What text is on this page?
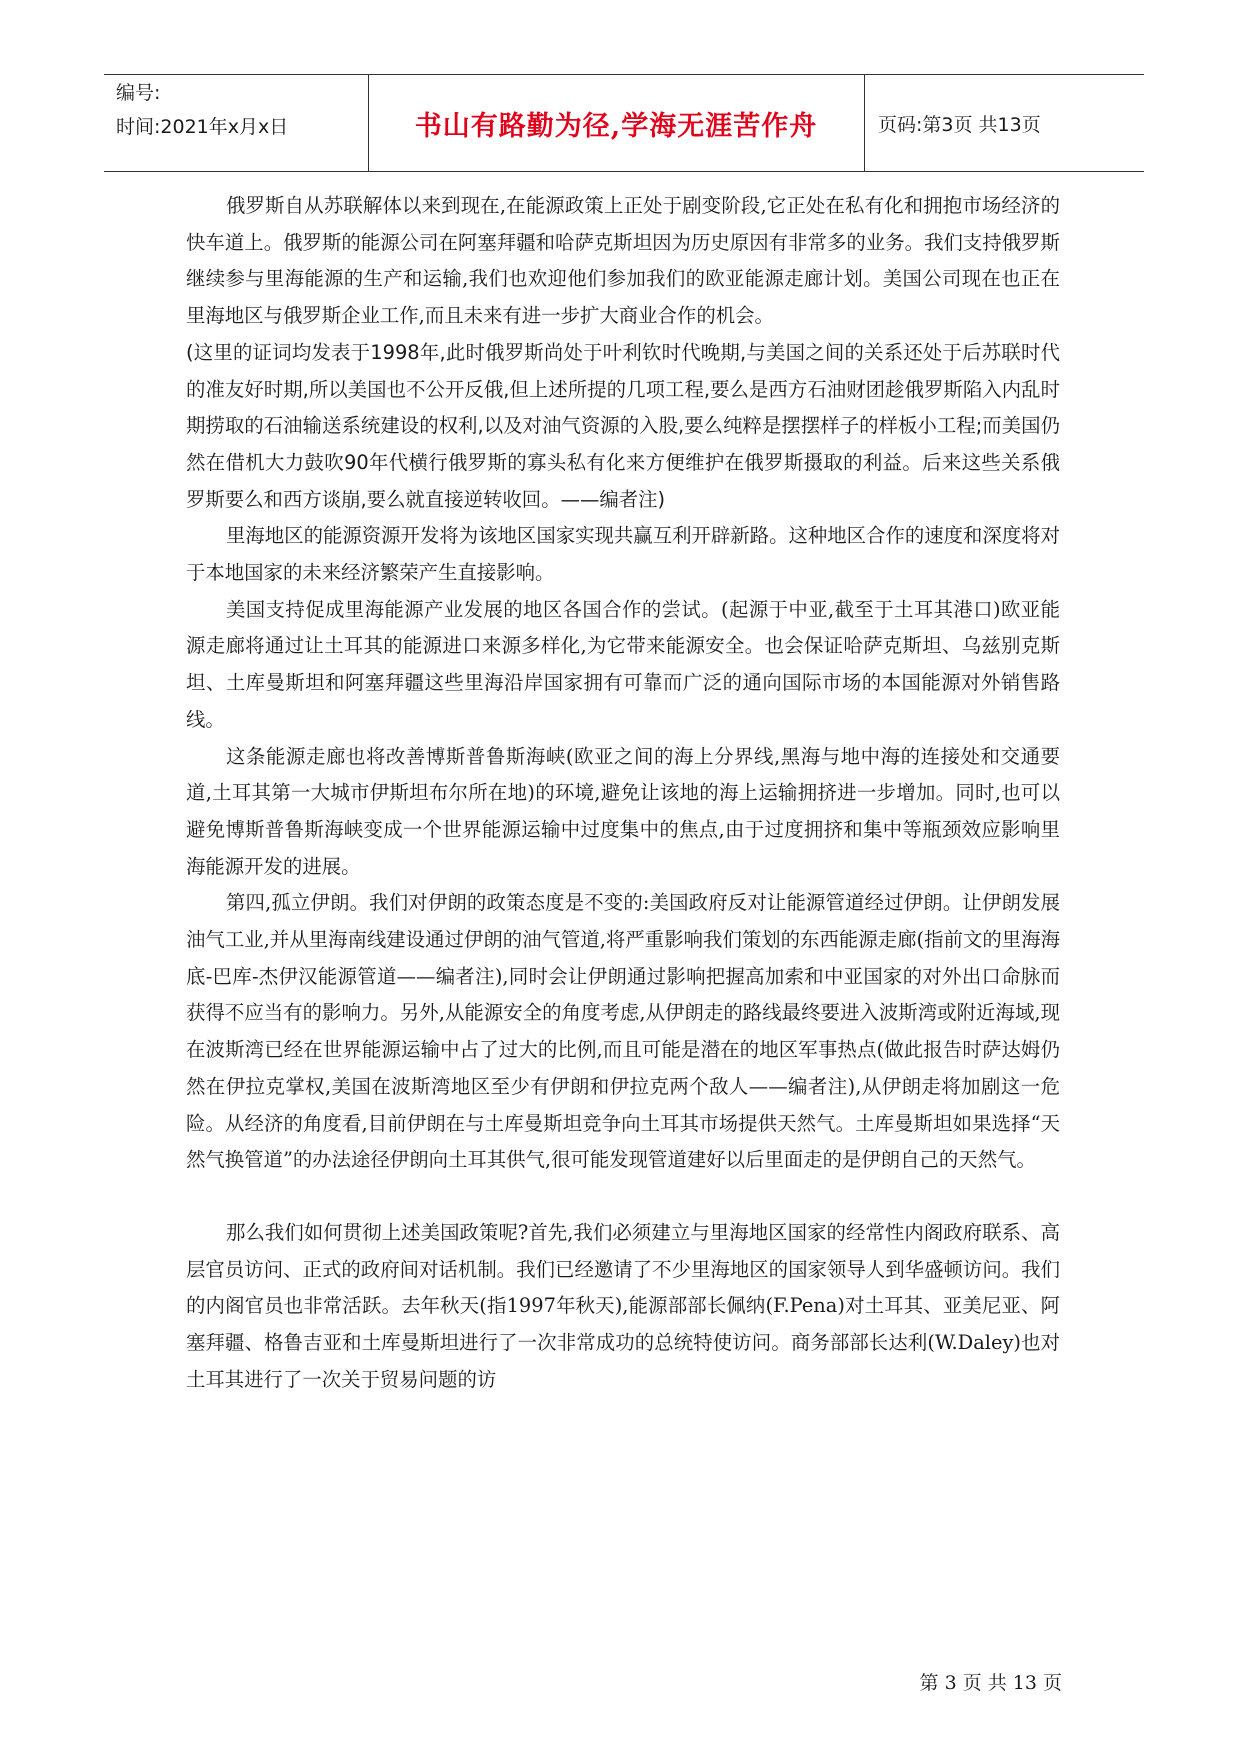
编号:
时间:2021年x月x日	书山有路勤为径,学海无涯苦作舟	页码:第3页 共13页

俄罗斯自从苏联解体以来到现在,在能源政策上正处于剧变阶段,它正处在私有化和拥抱市场经济的快车道上。俄罗斯的能源公司在阿塞拜疆和哈萨克斯坦因为历史原因有非常多的业务。我们支持俄罗斯继续参与里海能源的生产和运输,我们也欢迎他们参加我们的欧亚能源走廊计划。美国公司现在也正在里海地区与俄罗斯企业工作,而且未来有进一步扩大商业合作的机会。

(这里的证词均发表于1998年,此时俄罗斯尚处于叶利钦时代晚期,与美国之间的关系还处于后苏联时代的准友好时期,所以美国也不公开反俄,但上述所提的几项工程,要么是西方石油财团趁俄罗斯陷入内乱时期捞取的石油输送系统建设的权利,以及对油气资源的入股,要么纯粹是摆摆样子的样板小工程;而美国仍然在借机大力鼓吹90年代横行俄罗斯的寡头私有化来方便维护在俄罗斯摄取的利益。后来这些关系俄罗斯要么和西方谈崩,要么就直接逆转收回。——编者注)

里海地区的能源资源开发将为该地区国家实现共赢互利开辟新路。这种地区合作的速度和深度将对于本地国家的未来经济繁荣产生直接影响。

美国支持促成里海能源产业发展的地区各国合作的尝试。(起源于中亚,截至于土耳其港口)欧亚能源走廊将通过让土耳其的能源进口来源多样化,为它带来能源安全。也会保证哈萨克斯坦、乌兹别克斯坦、土库曼斯坦和阿塞拜疆这些里海沿岸国家拥有可靠而广泛的通向国际市场的本国能源对外销售路线。

这条能源走廊也将改善博斯普鲁斯海峡(欧亚之间的海上分界线,黑海与地中海的连接处和交通要道,土耳其第一大城市伊斯坦布尔所在地)的环境,避免让该地的海上运输拥挤进一步增加。同时,也可以避免博斯普鲁斯海峡变成一个世界能源运输中过度集中的焦点,由于过度拥挤和集中等瓶颈效应影响里海能源开发的进展。

第四,孤立伊朗。我们对伊朗的政策态度是不变的:美国政府反对让能源管道经过伊朗。让伊朗发展油气工业,并从里海南线建设通过伊朗的油气管道,将严重影响我们策划的东西能源走廊(指前文的里海海底-巴库-杰伊汉能源管道——编者注),同时会让伊朗通过影响把握高加索和中亚国家的对外出口命脉而获得不应当有的影响力。另外,从能源安全的角度考虑,从伊朗走的路线最终要进入波斯湾或附近海域,现在波斯湾已经在世界能源运输中占了过大的比例,而且可能是潜在的地区军事热点(做此报告时萨达姆仍然在伊拉克掌权,美国在波斯湾地区至少有伊朗和伊拉克两个敌人——编者注),从伊朗走将加剧这一危险。从经济的角度看,目前伊朗在与土库曼斯坦竞争向土耳其市场提供天然气。土库曼斯坦如果选择“天然气换管道”的办法途径伊朗向土耳其供气,很可能发现管道建好以后里面走的是伊朗自己的天然气。

那么我们如何贯彻上述美国政策呢?首先,我们必须建立与里海地区国家的经常性内阁政府联系、高层官员访问、正式的政府间对话机制。我们已经邀请了不少里海地区的国家领导人到华盛顿访问。我们的内阁官员也非常活跃。去年秋天(指1997年秋天),能源部部长佩纳(F.Pena)对土耳其、亚美尼亚、阿塞拜疆、格鲁吉亚和土库曼斯坦进行了一次非常成功的总统特使访问。商务部部长达利(W.Daley)也对土耳其进行了一次关于贸易问题的访

第 3 页 共 13 页
